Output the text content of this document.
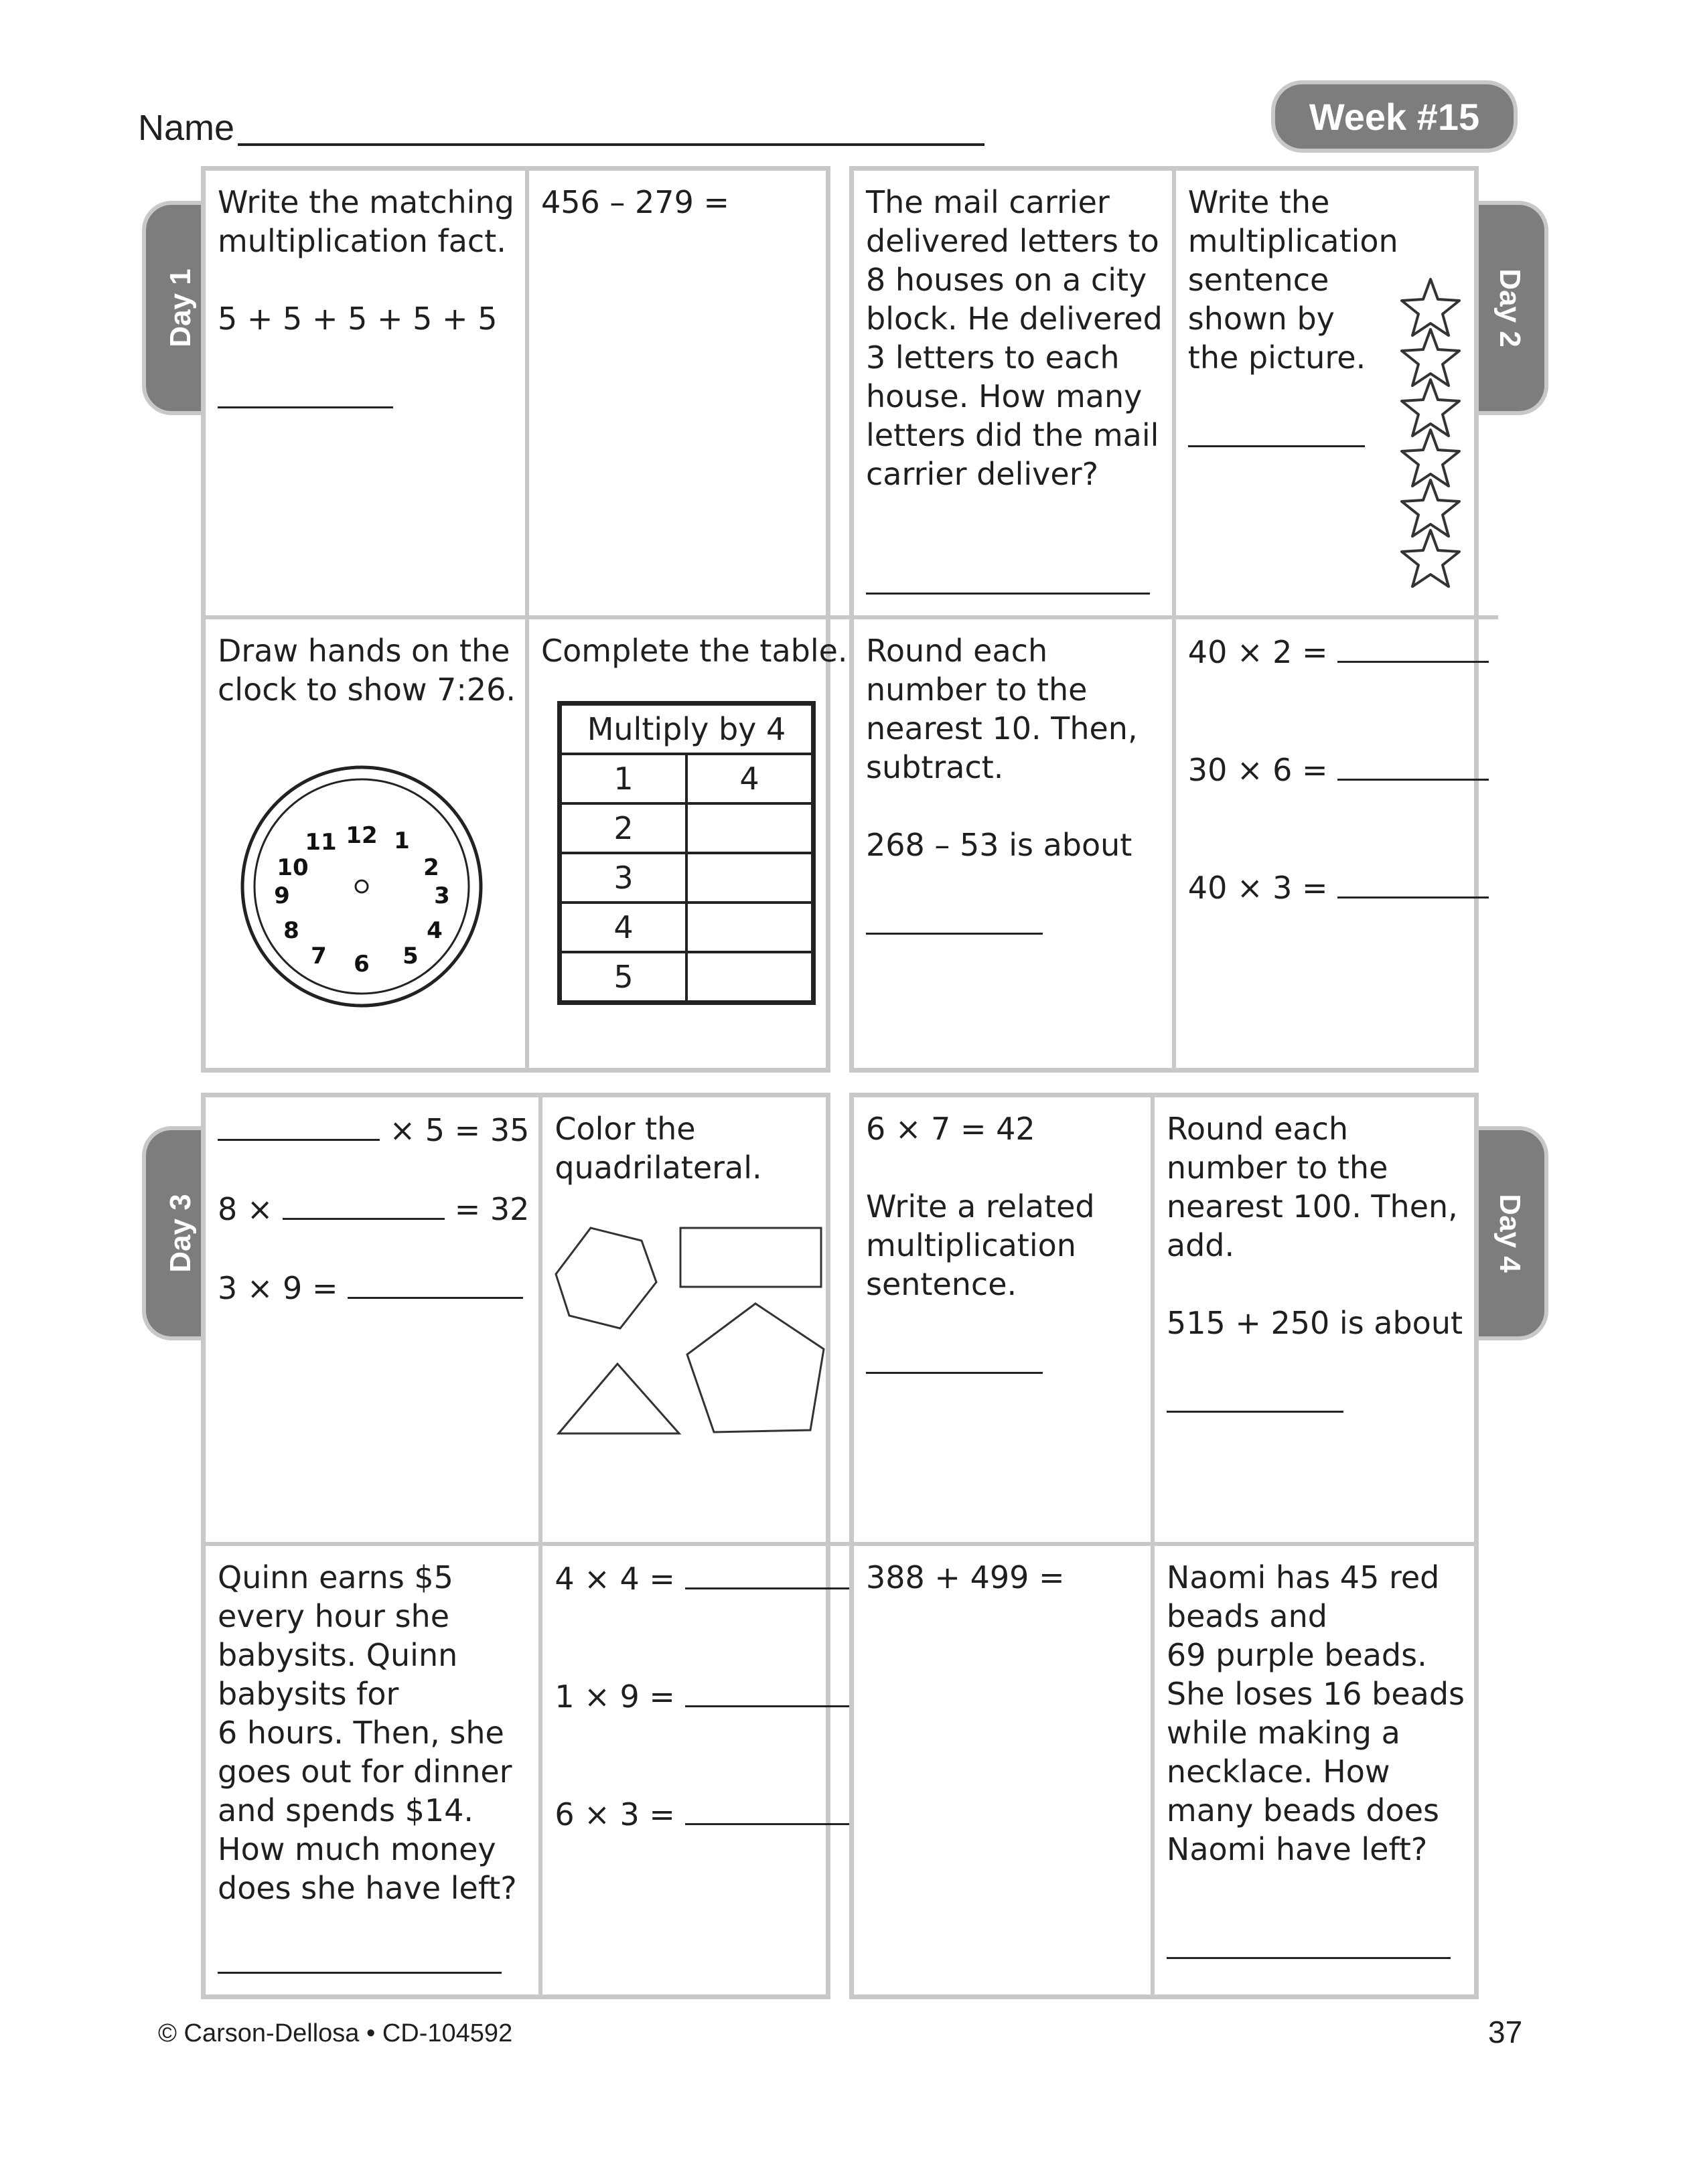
Name	Week #15
Day 1	Day 2
Day 3	Day 4
Write the matching
multiplication fact.
5 + 5 + 5 + 5 + 5
456 – 279 =
Draw hands on the
clock to show 7:26.
12 1
2
3
4
5
6
7
8
9
10
11
Complete the table.
Multiply by 4	
1	4
2	
3	
4	
5	
The mail carrier
delivered letters to
8 houses on a city
block. He delivered
3 letters to each
house. How many
letters did the mail
carrier deliver?
Write the
multiplication
sentence
shown by
the picture.
Round each
number to the
nearest 10. Then,
subtract.
268 – 53 is about
40 × 2 =
30 × 6 =
40 × 3 =
× 5 = 35
8 ×	= 32
3 × 9 =
Color the
quadrilateral.
Quinn earns $5
every hour she
babysits. Quinn
babysits for
6 hours. Then, she
goes out for dinner
and spends $14.
How much money
does she have left?
4 × 4 =
1 × 9 =
6 × 3 =
6 × 7 = 42
Write a related
multiplication
sentence.
Round each
number to the
nearest 100. Then,
add.
515 + 250 is about
388 + 499 =	Naomi has 45 red
beads and
69 purple beads.
She loses 16 beads
while making a
necklace. How
many beads does
Naomi have left?
© Carson-Dellosa • CD-104592	37
